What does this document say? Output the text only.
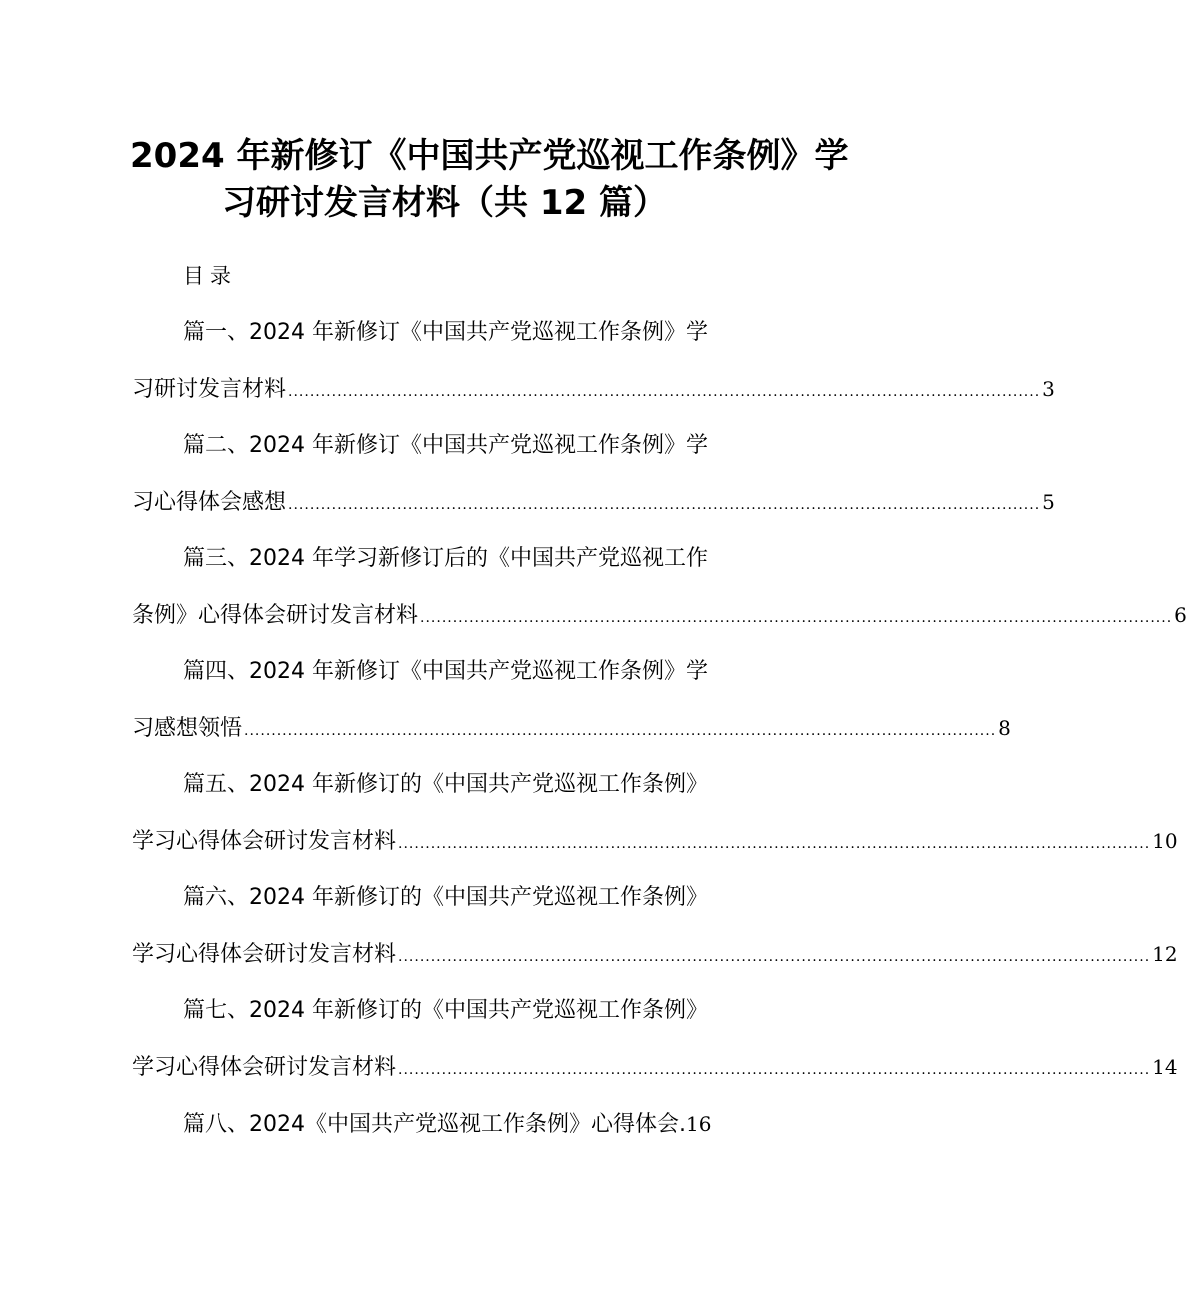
2024 年新修订《中国共产党巡视工作条例》学
习研讨发言材料（共 12 篇）
目录
篇一、2024 年新修订《中国共产党巡视工作条例》学
习研讨发言材料 .......................................................................................................................................... 3
篇二、2024 年新修订《中国共产党巡视工作条例》学
习心得体会感想 .......................................................................................................................................... 5
篇三、2024 年学习新修订后的《中国共产党巡视工作
条例》心得体会研讨发言材料 .......................................................................................................................................... 6
篇四、2024 年新修订《中国共产党巡视工作条例》学
习感想领悟 .......................................................................................................................................... 8
篇五、2024 年新修订的《中国共产党巡视工作条例》
学习心得体会研讨发言材料 .......................................................................................................................................... 10
篇六、2024 年新修订的《中国共产党巡视工作条例》
学习心得体会研讨发言材料 .......................................................................................................................................... 12
篇七、2024 年新修订的《中国共产党巡视工作条例》
学习心得体会研讨发言材料 .......................................................................................................................................... 14
篇八、2024《中国共产党巡视工作条例》心得体会.16
